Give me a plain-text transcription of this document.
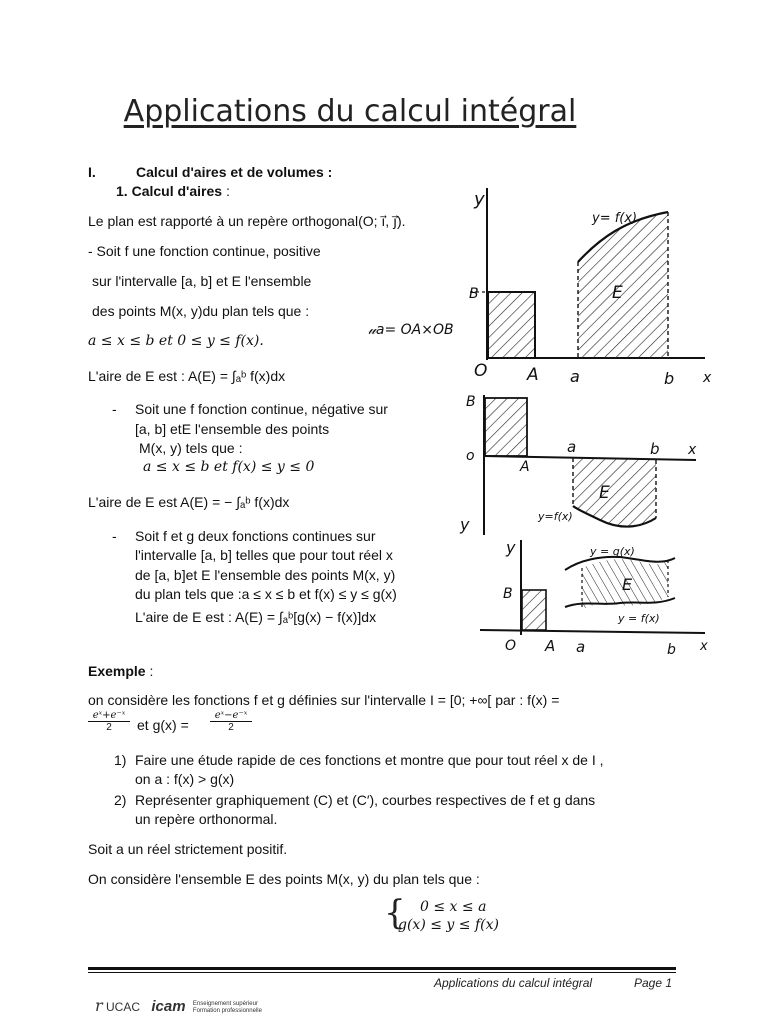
Applications du calcul intégral
I.	Calcul d'aires et de volumes :
1. Calcul d'aires :
Le plan est rapporté à un repère orthogonal(O; i⃗, j⃗).
- Soit f une fonction continue, positive
sur l'intervalle [a, b] et E l'ensemble
des points M(x, y)du plan tels que :
a ≤ x ≤ b et 0 ≤ y ≤ f(x).
L'aire de E est : A(E) = ∫ₐᵇ f(x)dx
- Soit une f fonction continue, négative sur
[a, b] etE l'ensemble des points
M(x, y) tels que :
a ≤ x ≤ b et f(x) ≤ y ≤ 0
L'aire de E est A(E) = − ∫ₐᵇ f(x)dx
- Soit f et g deux fonctions continues sur
l'intervalle [a, b] telles que pour tout réel x
de [a, b]et E l'ensemble des points M(x, y)
du plan tels que :a ≤ x ≤ b et f(x) ≤ y ≤ g(x)
L'aire de E est : A(E) = ∫ₐᵇ[g(x) − f(x)]dx
Exemple :
on considère les fonctions f et g définies sur l'intervalle I = [0; +∞[ par : f(x) =
$\frac{\text{eˣ+e⁻ˣ}}{2}$ et $g(x) = \frac{\text{eˣ−e⁻ˣ}}{2}$
1) Faire une étude rapide de ces fonctions et montre que pour tout réel x de I ,
on a : f(x) > g(x)
2) Représenter graphiquement (C) et (C′), courbes respectives de f et g dans
un repère orthonormal.
Soit a un réel strictement positif.
On considère l'ensemble E des points M(x, y) du plan tels que :
{ 0 ≤ x ≤ a
g(x) ≤ y ≤ f(x)
y
y= f(x)
B	E
𝓊a= OA×OB
O A a	b x
B
o
A
a	b x
E
y	y=f(x)
y	y = g(x)
E
y = f(x)
B
O A a	b x
Applications du calcul intégral	Page 1
r UCAC icam Enseignement supérieur
Formation professionnelle
